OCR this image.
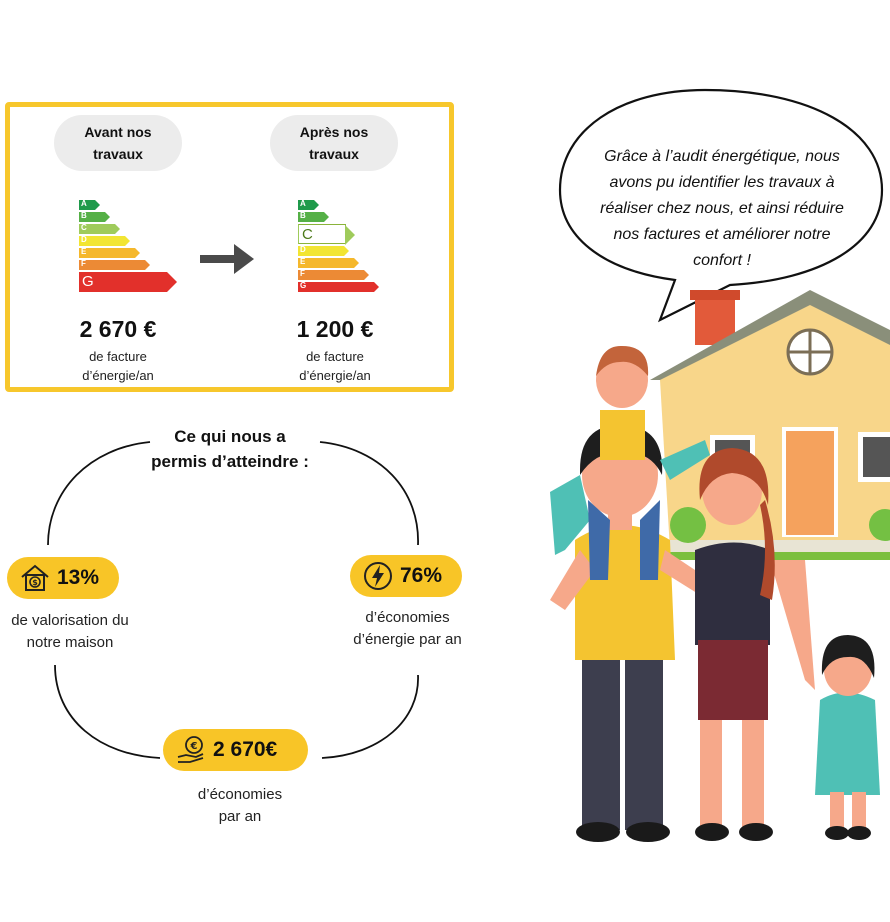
Avant nos travaux
Après nos travaux
A
B
C
D
E
F
G
A
B
C
D
E
F
G
2 670 €
de facture
d’énergie/an
1 200 €
de facture
d’énergie/an
Ce qui nous a
permis d’atteindre :
$ 13%
de valorisation du
notre maison
76%
d’économies
d’énergie par an
€ 2 670€
d’économies
par an
Grâce à l’audit énergétique, nous
avons pu identifier les travaux à
réaliser chez nous, et ainsi réduire
nos factures et améliorer notre
confort !
